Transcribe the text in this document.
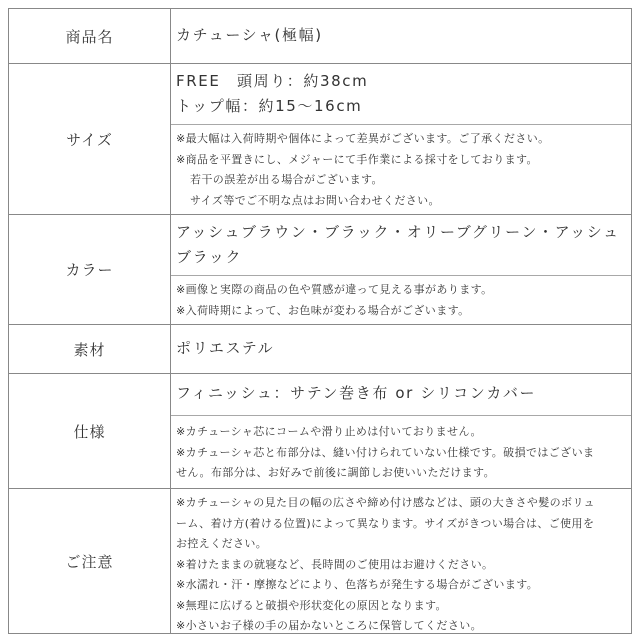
商品名	カチューシャ(極幅)
サイズ
FREE　頭周り：約38cm
トップ幅：約15〜16cm
※最大幅は入荷時期や個体によって差異がございます。ご了承ください。
※商品を平置きにし、メジャーにて手作業による採寸をしております。
若干の誤差が出る場合がございます。
サイズ等でご不明な点はお問い合わせください。
カラー
アッシュブラウン・ブラック・オリーブグリーン・アッシュ
ブラック
※画像と実際の商品の色や質感が違って見える事があります。
※入荷時期によって、お色味が変わる場合がございます。
素材	ポリエステル
仕様
フィニッシュ：サテン巻き布 or シリコンカバー
※カチューシャ芯にコームや滑り止めは付いておりません。
※カチューシャ芯と布部分は、縫い付けられていない仕様です。破損ではございま
せん。布部分は、お好みで前後に調節しお使いいただけます。
ご注意
※カチューシャの見た目の幅の広さや締め付け感などは、頭の大きさや髪のボリュ
ーム、着け方(着ける位置)によって異なります。サイズがきつい場合は、ご使用を
お控えください。
※着けたままの就寝など、長時間のご使用はお避けください。
※水濡れ・汗・摩擦などにより、色落ちが発生する場合がございます。
※無理に広げると破損や形状変化の原因となります。
※小さいお子様の手の届かないところに保管してください。
